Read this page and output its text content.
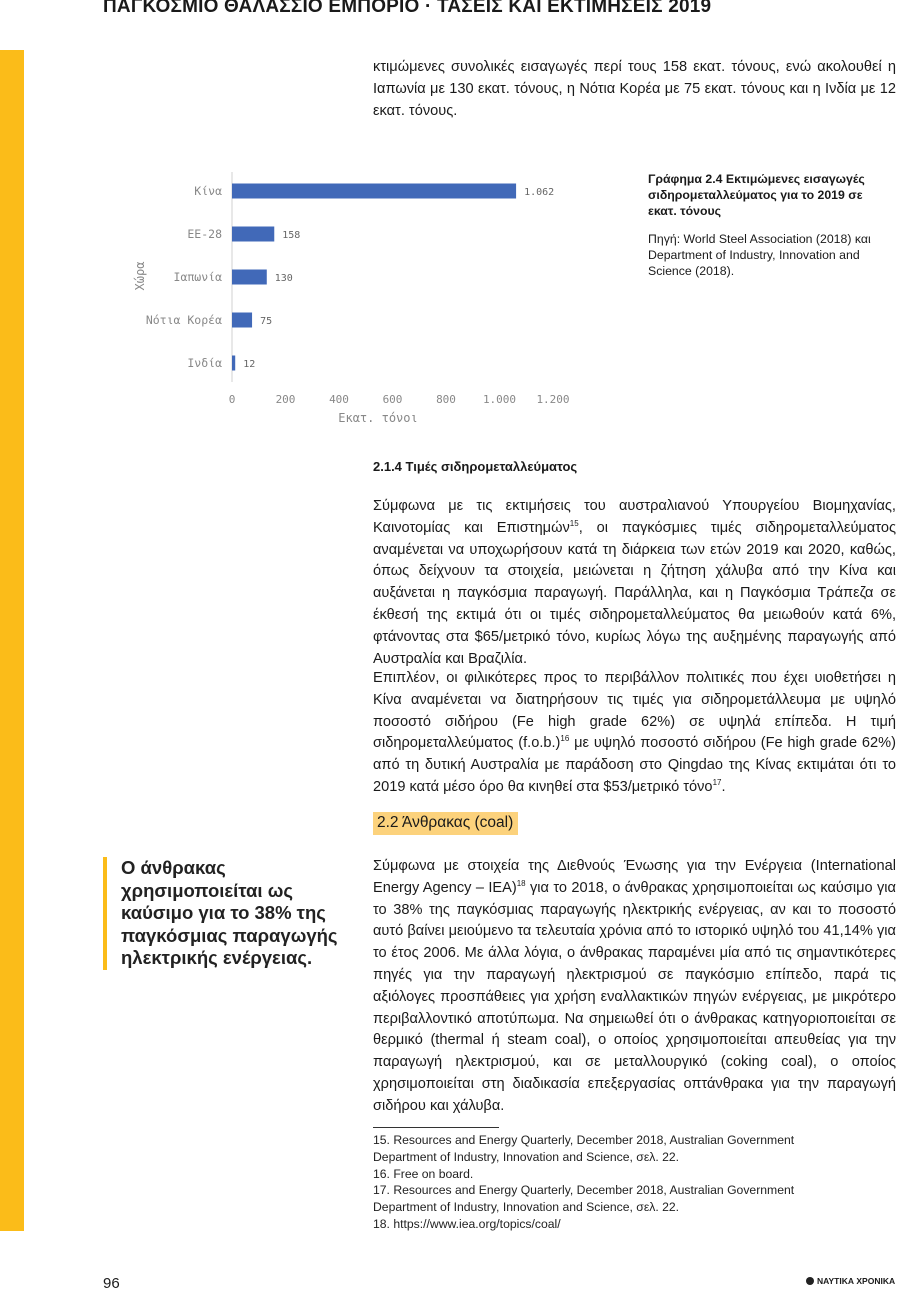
ΠΑΓΚΟΣΜΙΟ ΘΑΛΑΣΣΙΟ ΕΜΠΟΡΙΟ · ΤΑΣΕΙΣ ΚΑΙ ΕΚΤΙΜΗΣΕΙΣ 2019
κτιμώμενες συνολικές εισαγωγές περί τους 158 εκατ. τόνους, ενώ ακολουθεί η Ιαπωνία με 130 εκατ. τόνους, η Νότια Κορέα με 75 εκατ. τόνους και η Ινδία με 12 εκατ. τόνους.
Χώρα
Κίνα	1.062
ΕΕ-28	158
Ιαπωνία	130
Νότια Κορέα	75
Ινδία 12
0	200	400	600	800 1.000 1.200
Εκατ. τόνοι
Γράφημα 2.4 Εκτιμώμενες εισαγωγές σιδηρομεταλλεύματος για το 2019 σε εκατ. τόνους
Πηγή: World Steel Association (2018) και Department of Industry, Innovation and Science (2018).
2.1.4 Τιμές σιδηρομεταλλεύματος
Σύμφωνα με τις εκτιμήσεις του αυστραλιανού Υπουργείου Βιομηχανίας, Καινοτομίας και Επιστημών$^{15}$, οι παγκόσμιες τιμές σιδηρομεταλλεύματος αναμένεται να υποχωρήσουν κατά τη διάρκεια των ετών 2019 και 2020, καθώς, όπως δείχνουν τα στοιχεία, μειώνεται η ζήτηση χάλυβα από την Κίνα και αυξάνεται η παγκόσμια παραγωγή. Παράλληλα, και η Παγκόσμια Τράπεζα σε έκθεσή της εκτιμά ότι οι τιμές σιδηρομεταλλεύματος θα μειωθούν κατά 6%, φτάνοντας στα $65/μετρικό τόνο, κυρίως λόγω της αυξημένης παραγωγής από Αυστραλία και Βραζιλία.
Επιπλέον, οι φιλικότερες προς το περιβάλλον πολιτικές που έχει υιοθετήσει η Κίνα αναμένεται να διατηρήσουν τις τιμές για σιδηρομετάλλευμα με υψηλό ποσοστό σιδήρου (Fe high grade 62%) σε υψηλά επίπεδα. Η τιμή σιδηρομεταλλεύματος $(f.o.b.)^{16}$ με υψηλό ποσοστό σιδήρου (Fe high grade 62%) από τη δυτική Αυστραλία με παράδοση στο Qingdao της Κίνας εκτιμάται ότι το 2019 κατά μέσο όρο θα κινηθεί στα $53/μετρικό τόνο$^{17}$.
2.2 Άνθρακας (coal)
Ο άνθρακας χρησιμοποιείται ως καύσιμο για το 38% της παγκόσμιας παραγωγής ηλεκτρικής ενέργειας.
Σύμφωνα με στοιχεία της Διεθνούς Ένωσης για την Ενέργεια (International Energy Agency – IEA)$^{18}$ για το 2018, ο άνθρακας χρησιμοποιείται ως καύσιμο για το 38% της παγκόσμιας παραγωγής ηλεκτρικής ενέργειας, αν και το ποσοστό αυτό βαίνει μειούμενο τα τελευταία χρόνια από το ιστορικό υψηλό του 41,14% για το έτος 2006. Με άλλα λόγια, ο άνθρακας παραμένει μία από τις σημαντικότερες πηγές για την παραγωγή ηλεκτρισμού σε παγκόσμιο επίπεδο, παρά τις αξιόλογες προσπάθειες για χρήση εναλλακτικών πηγών ενέργειας, με μικρότερο περιβαλλοντικό αποτύπωμα. Να σημειωθεί ότι ο άνθρακας κατηγοριοποιείται σε θερμικό (thermal ή steam coal), ο οποίος χρησιμοποιείται απευθείας για την παραγωγή ηλεκτρισμού, και σε μεταλλουργικό (coking coal), ο οποίος χρησιμοποιείται στη διαδικασία επεξεργασίας οπτάνθρακα για την παραγωγή σιδήρου και χάλυβα.
15. Resources and Energy Quarterly, December 2018, Australian Government
Department of Industry, Innovation and Science, σελ. 22.
16. Free on board.
17. Resources and Energy Quarterly, December 2018, Australian Government
Department of Industry, Innovation and Science, σελ. 22.
18. https://www.iea.org/topics/coal/
96	ΝΑΥΤΙΚΑ ΧΡΟΝΙΚΑ
